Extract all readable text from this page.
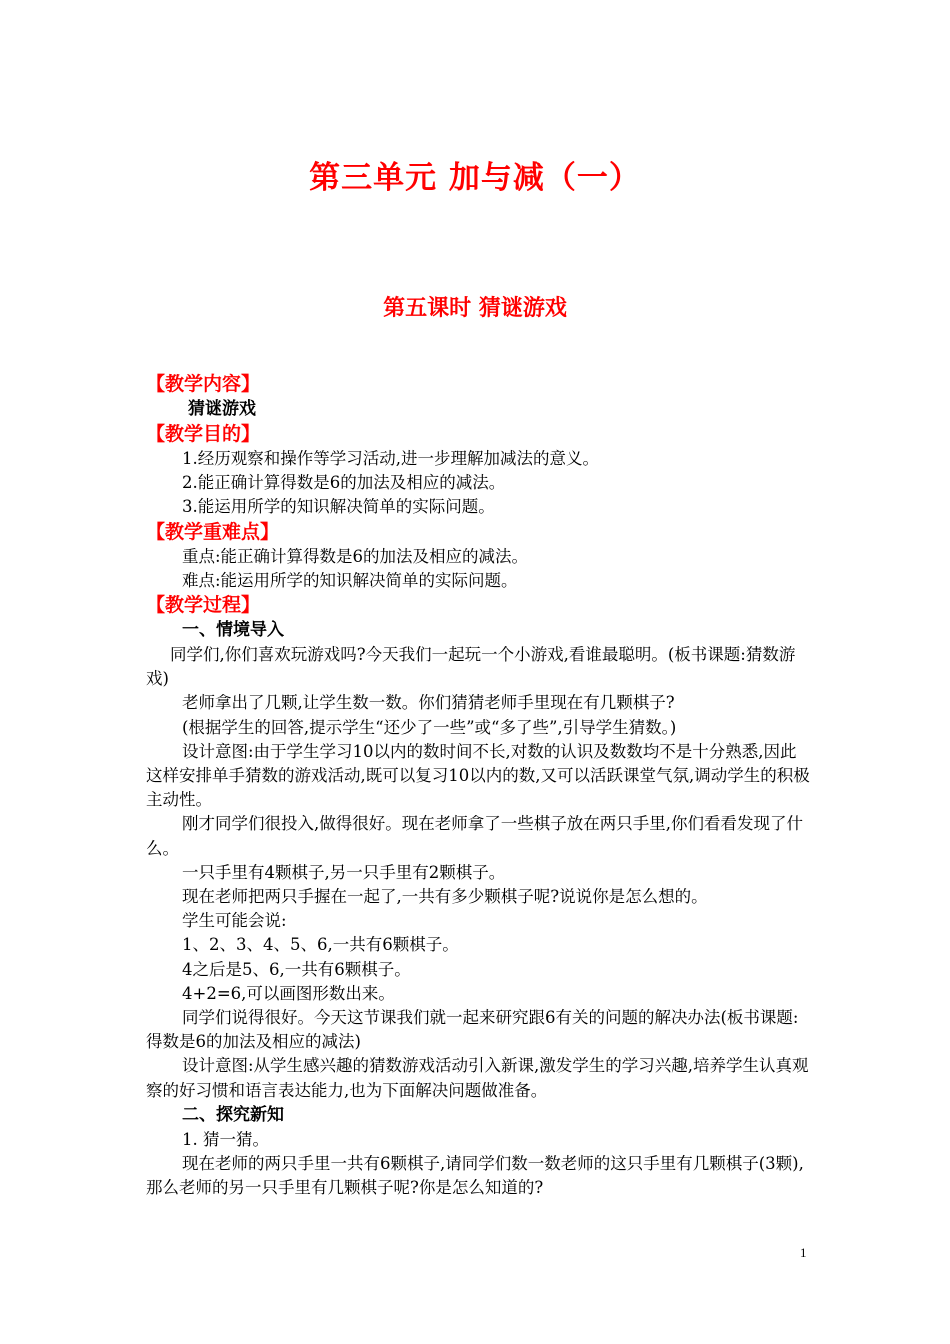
第三单元 加与减（一）
第五课时 猜谜游戏
【教学内容】
猜谜游戏
【教学目的】
1.经历观察和操作等学习活动,进一步理解加减法的意义。
2.能正确计算得数是6的加法及相应的减法。
3.能运用所学的知识解决简单的实际问题。
【教学重难点】
重点:能正确计算得数是6的加法及相应的减法。
难点:能运用所学的知识解决简单的实际问题。
【教学过程】
一、情境导入
同学们,你们喜欢玩游戏吗?今天我们一起玩一个小游戏,看谁最聪明。(板书课题:猜数游戏)
老师拿出了几颗,让学生数一数。你们猜猜老师手里现在有几颗棋子?
(根据学生的回答,提示学生“还少了一些”或“多了些”,引导学生猜数。)
设计意图:由于学生学习10以内的数时间不长,对数的认识及数数均不是十分熟悉,因此这样安排单手猜数的游戏活动,既可以复习10以内的数,又可以活跃课堂气氛,调动学生的积极主动性。
刚才同学们很投入,做得很好。现在老师拿了一些棋子放在两只手里,你们看看发现了什么。
一只手里有4颗棋子,另一只手里有2颗棋子。
现在老师把两只手握在一起了,一共有多少颗棋子呢?说说你是怎么想的。
学生可能会说:
1、2、3、4、5、6,一共有6颗棋子。
4之后是5、6,一共有6颗棋子。
4+2=6,可以画图形数出来。
同学们说得很好。今天这节课我们就一起来研究跟6有关的问题的解决办法(板书课题:得数是6的加法及相应的减法)
设计意图:从学生感兴趣的猜数游戏活动引入新课,激发学生的学习兴趣,培养学生认真观察的好习惯和语言表达能力,也为下面解决问题做准备。
二、探究新知
1. 猜一猜。
现在老师的两只手里一共有6颗棋子,请同学们数一数老师的这只手里有几颗棋子(3颗),那么老师的另一只手里有几颗棋子呢?你是怎么知道的?
1
